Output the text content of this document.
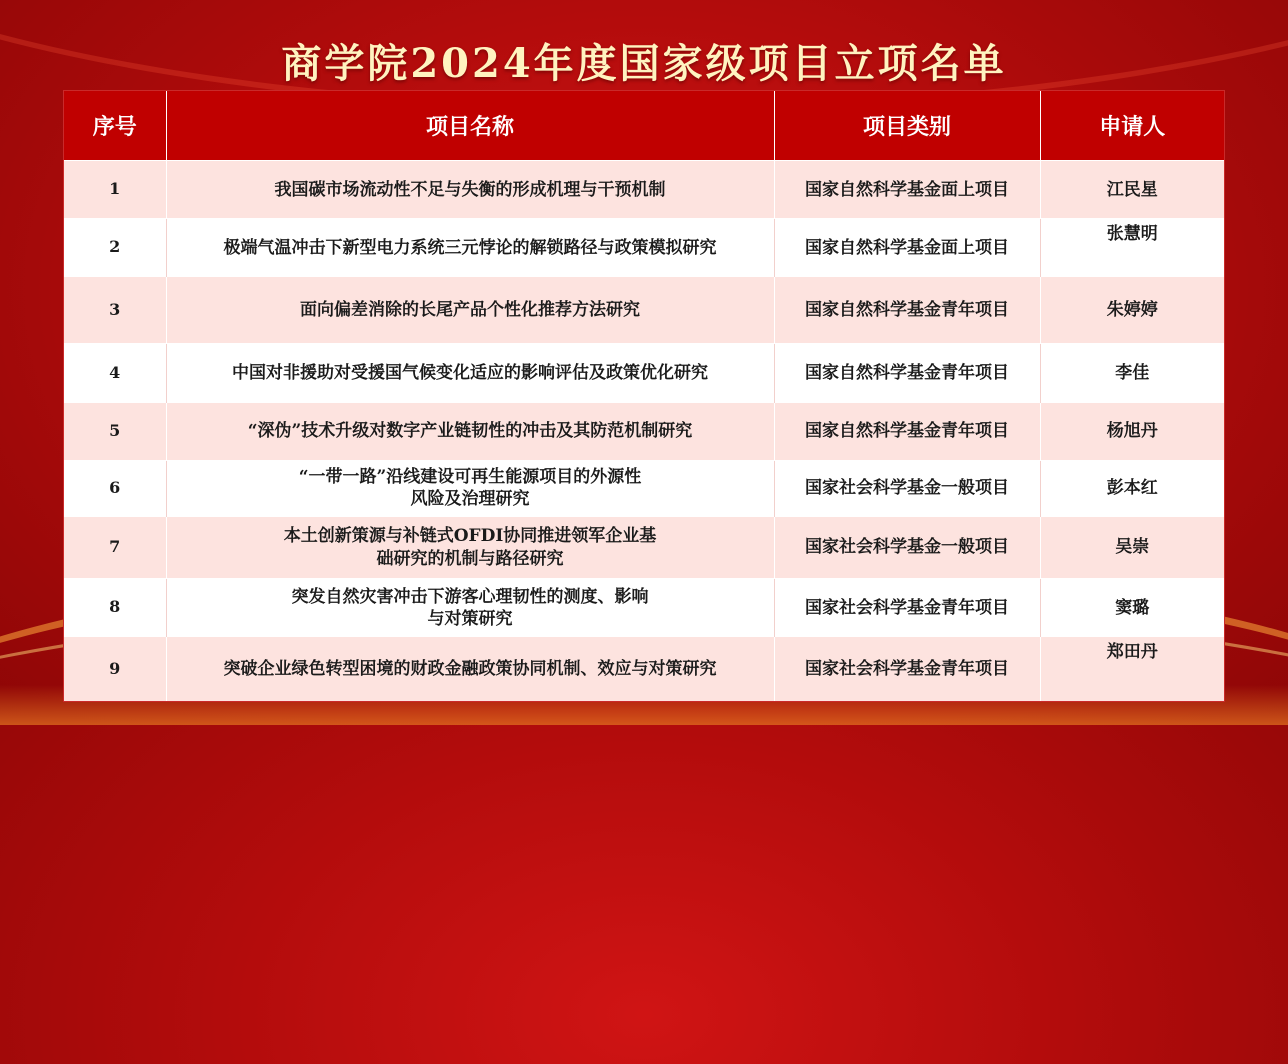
商学院2024年度国家级项目立项名单
序号	项目名称	项目类别	申请人
1	我国碳市场流动性不足与失衡的形成机理与干预机制	国家自然科学基金面上项目	江民星
2	极端气温冲击下新型电力系统三元悖论的解锁路径与政策模拟研究	国家自然科学基金面上项目	张慧明
3	面向偏差消除的长尾产品个性化推荐方法研究	国家自然科学基金青年项目	朱婷婷
4	中国对非援助对受援国气候变化适应的影响评估及政策优化研究	国家自然科学基金青年项目	李佳
5	“深伪”技术升级对数字产业链韧性的冲击及其防范机制研究	国家自然科学基金青年项目	杨旭丹
6	“一带一路”沿线建设可再生能源项目的外源性
风险及治理研究	国家社会科学基金一般项目	彭本红
7	本土创新策源与补链式OFDI协同推进领军企业基
础研究的机制与路径研究	国家社会科学基金一般项目	吴崇
8	突发自然灾害冲击下游客心理韧性的测度、影响
与对策研究	国家社会科学基金青年项目	窦璐
9	突破企业绿色转型困境的财政金融政策协同机制、效应与对策研究	国家社会科学基金青年项目	郑田丹
